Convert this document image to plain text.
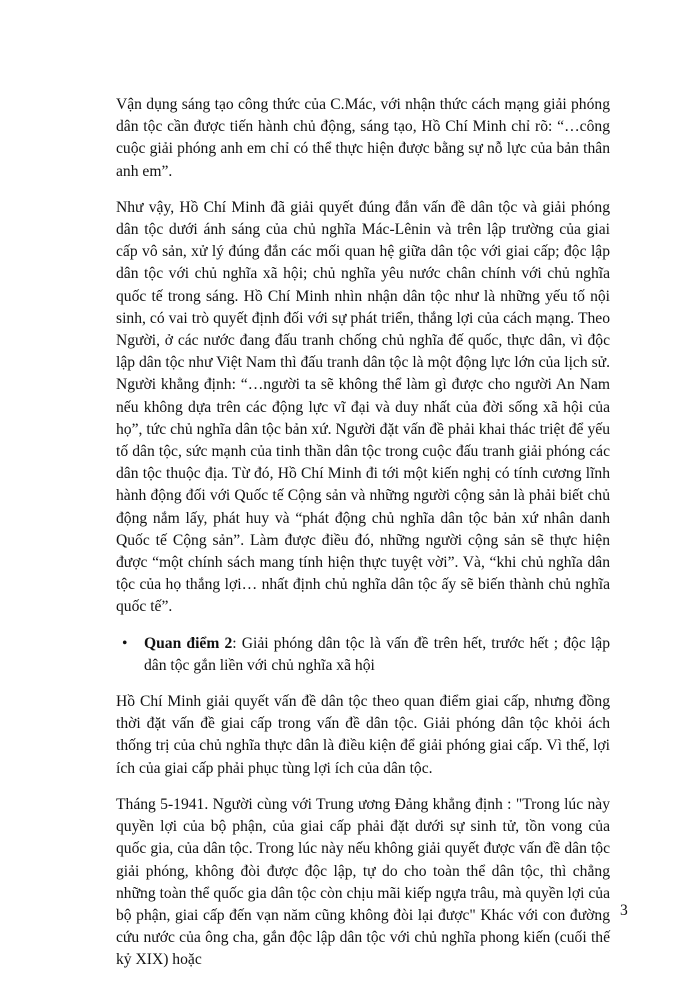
Vận dụng sáng tạo công thức của C.Mác, với nhận thức cách mạng giải phóng dân tộc cần được tiến hành chủ động, sáng tạo, Hồ Chí Minh chỉ rõ: “…công cuộc giải phóng anh em chỉ có thể thực hiện được bằng sự nỗ lực của bản thân anh em”.

Như vậy, Hồ Chí Minh đã giải quyết đúng đắn vấn đề dân tộc và giải phóng dân tộc dưới ánh sáng của chủ nghĩa Mác-Lênin và trên lập trường của giai cấp vô sản, xử lý đúng đắn các mối quan hệ giữa dân tộc với giai cấp; độc lập dân tộc với chủ nghĩa xã hội; chủ nghĩa yêu nước chân chính với chủ nghĩa quốc tế trong sáng. Hồ Chí Minh nhìn nhận dân tộc như là những yếu tố nội sinh, có vai trò quyết định đối với sự phát triển, thắng lợi của cách mạng. Theo Người, ở các nước đang đấu tranh chống chủ nghĩa đế quốc, thực dân, vì độc lập dân tộc như Việt Nam thì đấu tranh dân tộc là một động lực lớn của lịch sử. Người khẳng định: “…người ta sẽ không thể làm gì được cho người An Nam nếu không dựa trên các động lực vĩ đại và duy nhất của đời sống xã hội của họ”, tức chủ nghĩa dân tộc bản xứ. Người đặt vấn đề phải khai thác triệt để yếu tố dân tộc, sức mạnh của tinh thần dân tộc trong cuộc đấu tranh giải phóng các dân tộc thuộc địa. Từ đó, Hồ Chí Minh đi tới một kiến nghị có tính cương lĩnh hành động đối với Quốc tế Cộng sản và những người cộng sản là phải biết chủ động nắm lấy, phát huy và “phát động chủ nghĩa dân tộc bản xứ nhân danh Quốc tế Cộng sản”. Làm được điều đó, những người cộng sản sẽ thực hiện được “một chính sách mang tính hiện thực tuyệt vời”. Và, “khi chủ nghĩa dân tộc của họ thắng lợi… nhất định chủ nghĩa dân tộc ấy sẽ biến thành chủ nghĩa quốc tế”.

• Quan điểm 2: Giải phóng dân tộc là vấn đề trên hết, trước hết ; độc lập dân tộc gắn liền với chủ nghĩa xã hội

Hồ Chí Minh giải quyết vấn đề dân tộc theo quan điểm giai cấp, nhưng đồng thời đặt vấn đề giai cấp trong vấn đề dân tộc. Giải phóng dân tộc khỏi ách thống trị của chủ nghĩa thực dân là điều kiện để giải phóng giai cấp. Vì thế, lợi ích của giai cấp phải phục tùng lợi ích của dân tộc.

Tháng 5-1941. Người cùng với Trung ương Đảng khẳng định : "Trong lúc này quyền lợi của bộ phận, của giai cấp phải đặt dưới sự sinh tử, tồn vong của quốc gia, của dân tộc. Trong lúc này nếu không giải quyết được vấn đề dân tộc giải phóng, không đòi được độc lập, tự do cho toàn thể dân tộc, thì chẳng những toàn thể quốc gia dân tộc còn chịu mãi kiếp ngựa trâu, mà quyền lợi của bộ phận, giai cấp đến vạn năm cũng không đòi lại được" Khác với con đường cứu nước của ông cha, gắn độc lập dân tộc với chủ nghĩa phong kiến (cuối thế kỷ XIX) hoặc

3
